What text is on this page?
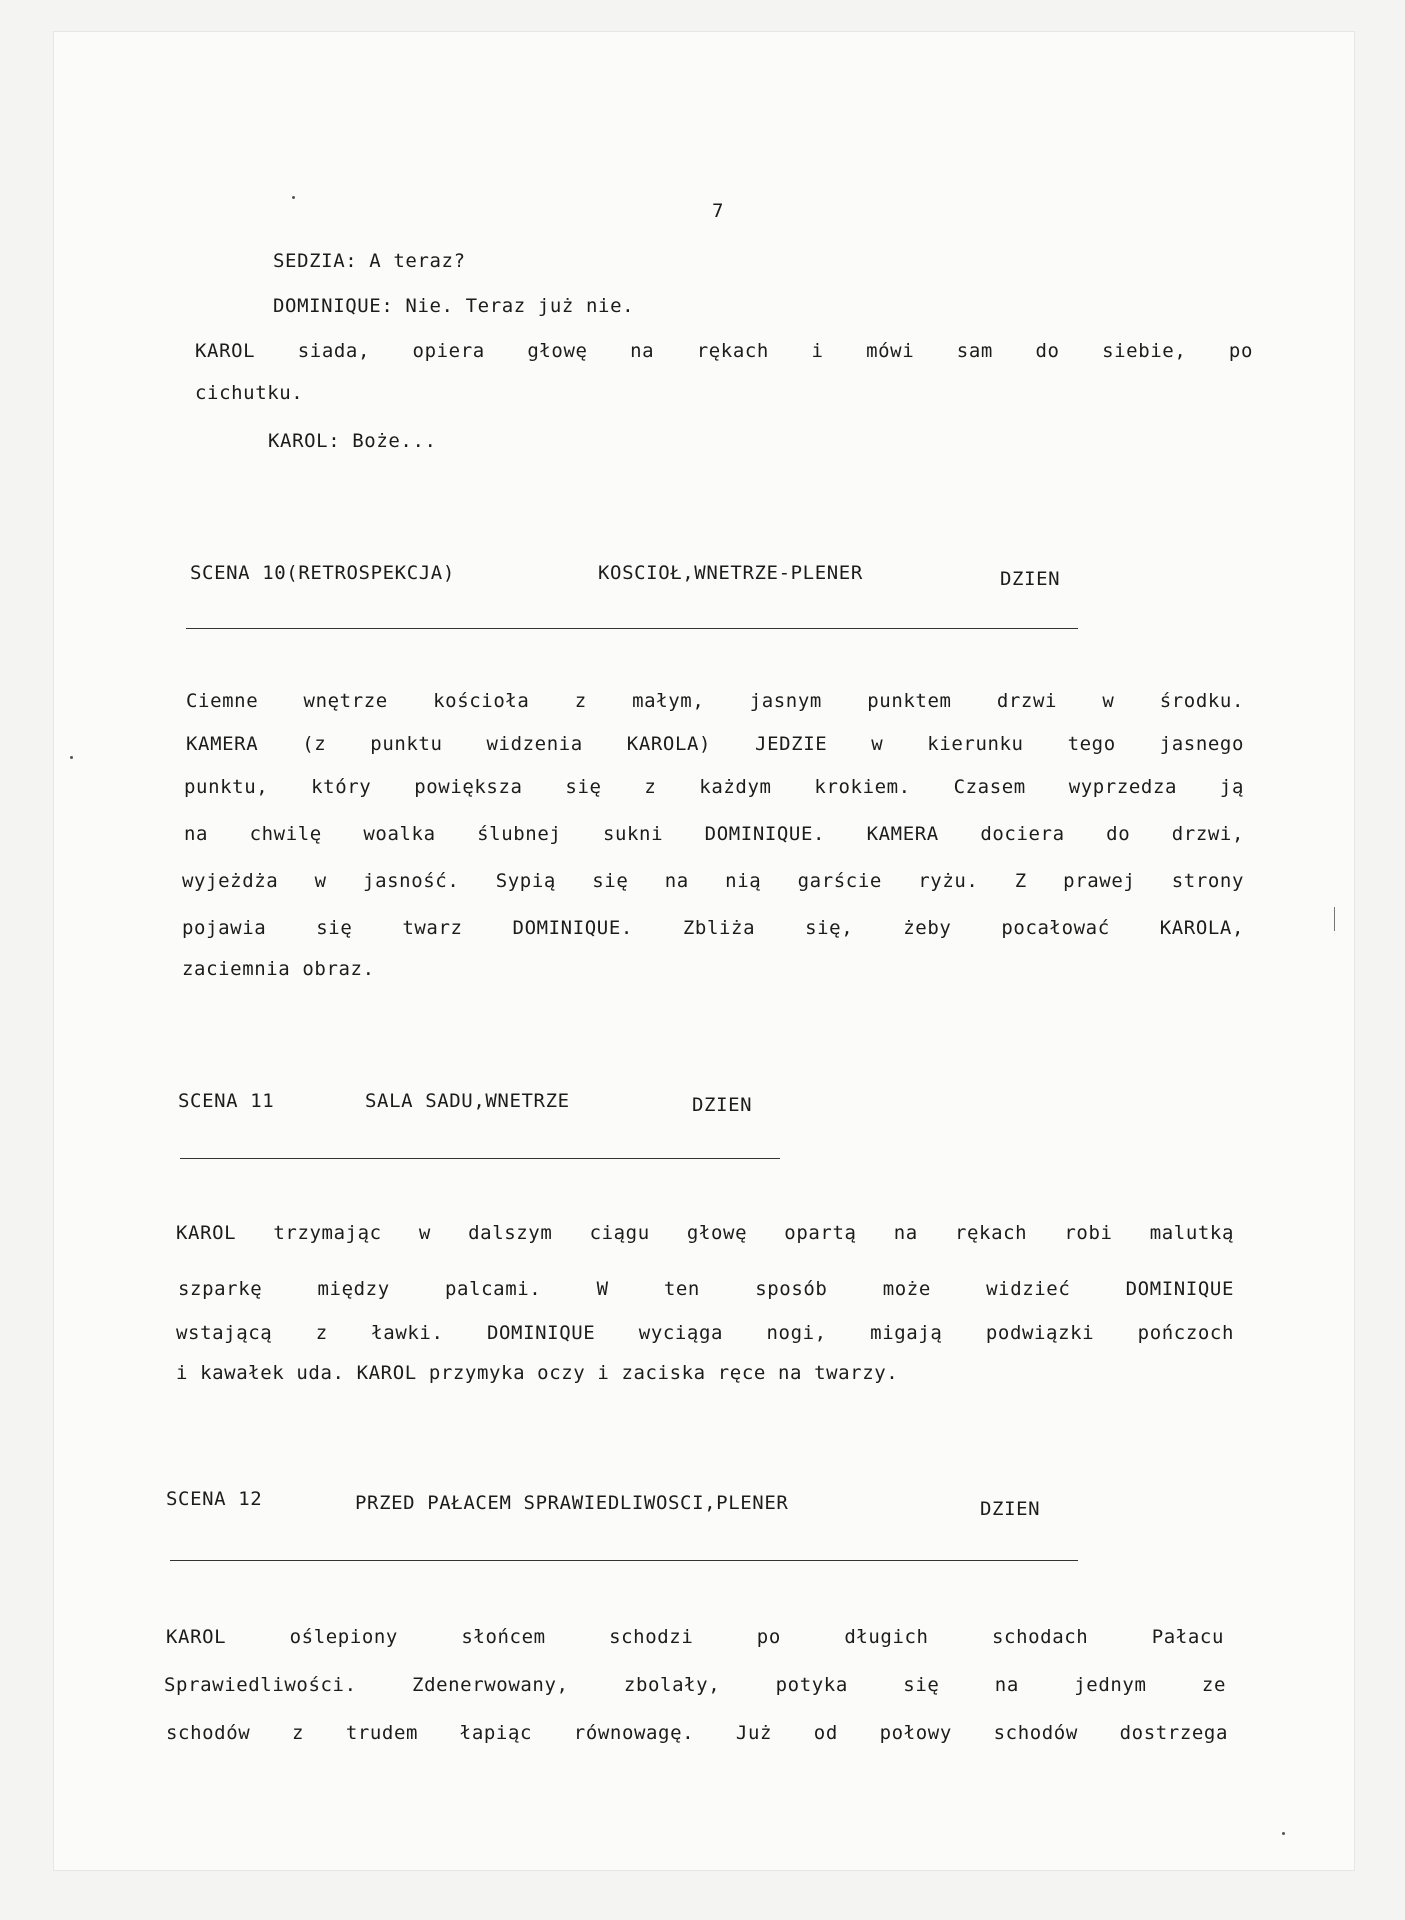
7
SEDZIA: A teraz?
DOMINIQUE: Nie. Teraz już nie.
KAROL siada, opiera głowę na rękach i mówi sam do siebie, po
cichutku.
KAROL: Boże...
SCENA 10(RETROSPEKCJA)	KOSCIOŁ,WNETRZE-PLENER	DZIEN
Ciemne wnętrze kościoła z małym, jasnym punktem drzwi w środku.
KAMERA (z punktu widzenia KAROLA) JEDZIE w kierunku tego jasnego
punktu, który powiększa się z każdym krokiem. Czasem wyprzedza ją
na chwilę woalka ślubnej sukni DOMINIQUE. KAMERA dociera do drzwi,
wyjeżdża w jasność. Sypią się na nią garście ryżu. Z prawej strony
pojawia się twarz DOMINIQUE. Zbliża się, żeby pocałować KAROLA,
zaciemnia obraz.
SCENA 11	SALA SADU,WNETRZE	DZIEN
KAROL trzymając w dalszym ciągu głowę opartą na rękach robi malutką
szparkę między palcami. W ten sposób może widzieć DOMINIQUE
wstającą z ławki. DOMINIQUE wyciąga nogi, migają podwiązki pończoch
i kawałek uda. KAROL przymyka oczy i zaciska ręce na twarzy.
SCENA 12	PRZED PAŁACEM SPRAWIEDLIWOSCI,PLENER	DZIEN
KAROL oślepiony słońcem schodzi po długich schodach Pałacu
Sprawiedliwości. Zdenerwowany, zbolały, potyka się na jednym ze
schodów z trudem łapiąc równowagę. Już od połowy schodów dostrzega
